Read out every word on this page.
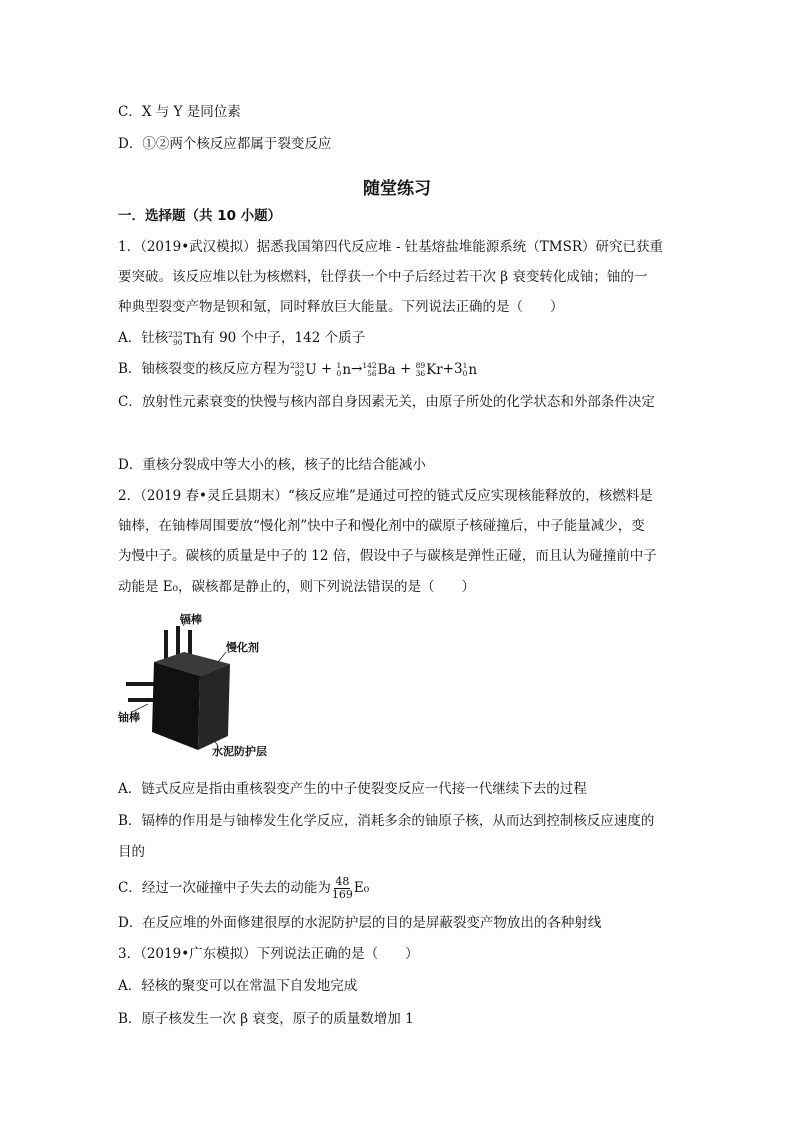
C．X 与 Y 是同位素
D．①②两个核反应都属于裂变反应
随堂练习
一．选择题（共 10 小题）
1．（2019•武汉模拟）据悉我国第四代反应堆 - 钍基熔盐堆能源系统（TMSR）研究已获重
要突破。该反应堆以钍为核燃料，钍俘获一个中子后经过若干次 β 衰变转化成铀；铀的一
种典型裂变产物是钡和氪，同时释放巨大能量。下列说法正确的是（　　）
A．钍核 232
90 Th有 90 个中子，142 个质子
B．铀核裂变的核反应方程为 233
92 U + 1
0 n→ 142
56 Ba + 89
36 Kr+3 1
0 n
C．放射性元素衰变的快慢与核内部自身因素无关，由原子所处的化学状态和外部条件决定
D．重核分裂成中等大小的核，核子的比结合能减小
2．（2019 春•灵丘县期末）“核反应堆”是通过可控的链式反应实现核能释放的，核燃料是
铀棒，在铀棒周围要放“慢化剂”快中子和慢化剂中的碳原子核碰撞后，中子能量减少，变
为慢中子。碳核的质量是中子的 12 倍，假设中子与碳核是弹性正碰，而且认为碰撞前中子
动能是 E₀，碳核都是静止的，则下列说法错误的是（　　）
镉棒
慢化剂
铀棒
水泥防护层
A．链式反应是指由重核裂变产生的中子使裂变反应一代接一代继续下去的过程
B．镉棒的作用是与铀棒发生化学反应，消耗多余的铀原子核，从而达到控制核反应速度的
目的
C．经过一次碰撞中子失去的动能为 $\frac{48}{169} E_0$
D．在反应堆的外面修建很厚的水泥防护层的目的是屏蔽裂变产物放出的各种射线
3．（2019•广东模拟）下列说法正确的是（　　）
A．轻核的聚变可以在常温下自发地完成
B．原子核发生一次 β 衰变，原子的质量数增加 1
